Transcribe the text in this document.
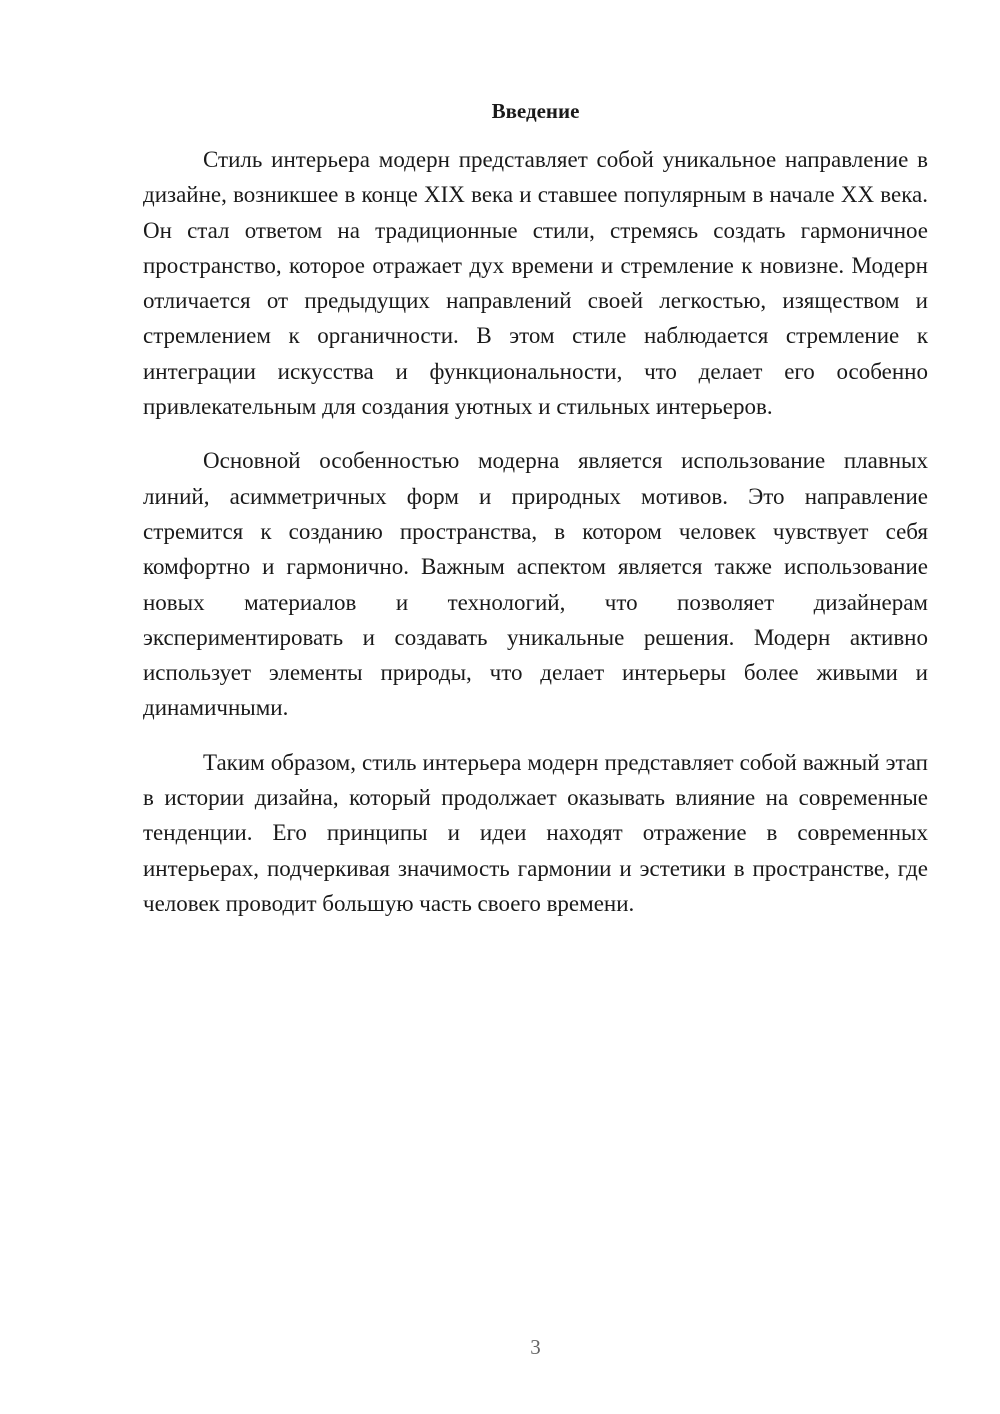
Введение

Стиль интерьера модерн представляет собой уникальное направление в дизайне, возникшее в конце XIX века и ставшее популярным в начале XX века. Он стал ответом на традиционные стили, стремясь создать гармоничное пространство, которое отражает дух времени и стремление к новизне. Модерн отличается от предыдущих направлений своей легкостью, изяществом и стремлением к органичности. В этом стиле наблюдается стремление к интеграции искусства и функциональности, что делает его особенно привлекательным для создания уютных и стильных интерьеров.

Основной особенностью модерна является использование плавных линий, асимметричных форм и природных мотивов. Это направление стремится к созданию пространства, в котором человек чувствует себя комфортно и гармонично. Важным аспектом является также использование новых материалов и технологий, что позволяет дизайнерам экспериментировать и создавать уникальные решения. Модерн активно использует элементы природы, что делает интерьеры более живыми и динамичными.

Таким образом, стиль интерьера модерн представляет собой важный этап в истории дизайна, который продолжает оказывать влияние на современные тенденции. Его принципы и идеи находят отражение в современных интерьерах, подчеркивая значимость гармонии и эстетики в пространстве, где человек проводит большую часть своего времени.

3
